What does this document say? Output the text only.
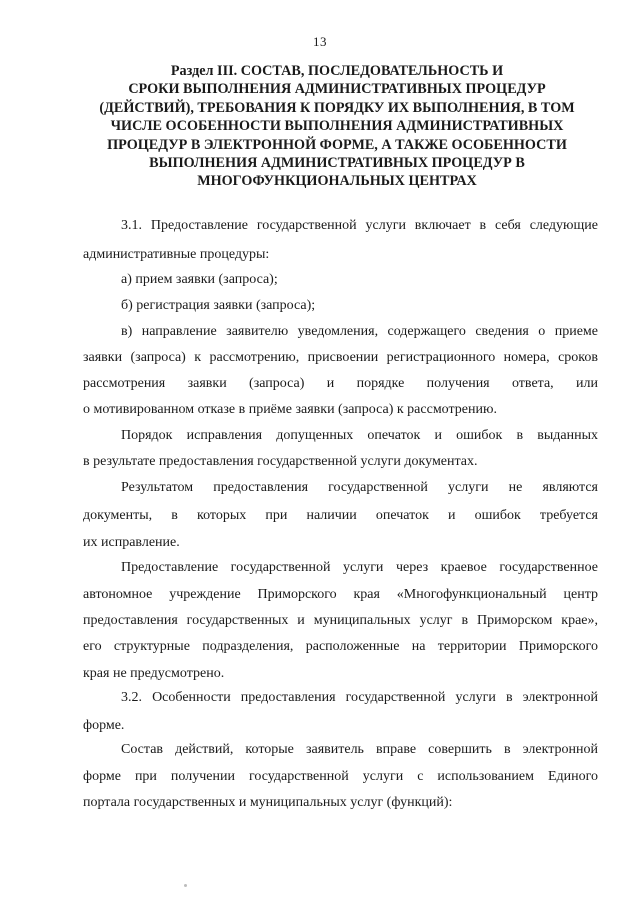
13
Раздел III. СОСТАВ, ПОСЛЕДОВАТЕЛЬНОСТЬ И
СРОКИ ВЫПОЛНЕНИЯ АДМИНИСТРАТИВНЫХ ПРОЦЕДУР
(ДЕЙСТВИЙ), ТРЕБОВАНИЯ К ПОРЯДКУ ИХ ВЫПОЛНЕНИЯ, В ТОМ
ЧИСЛЕ ОСОБЕННОСТИ ВЫПОЛНЕНИЯ АДМИНИСТРАТИВНЫХ
ПРОЦЕДУР В ЭЛЕКТРОННОЙ ФОРМЕ, А ТАКЖЕ ОСОБЕННОСТИ
ВЫПОЛНЕНИЯ АДМИНИСТРАТИВНЫХ ПРОЦЕДУР В
МНОГОФУНКЦИОНАЛЬНЫХ ЦЕНТРАХ
3.1. Предоставление государственной услуги включает в себя следующие
административные процедуры:
а) прием заявки (запроса);
б) регистрация заявки (запроса);
в) направление заявителю уведомления, содержащего сведения о приеме
заявки (запроса) к рассмотрению, присвоении регистрационного номера, сроков
рассмотрения заявки (запроса) и порядке получения ответа, или
о мотивированном отказе в приёме заявки (запроса) к рассмотрению.
Порядок исправления допущенных опечаток и ошибок в выданных
в результате предоставления государственной услуги документах.
Результатом предоставления государственной услуги не являются
документы, в которых при наличии опечаток и ошибок требуется
их исправление.
Предоставление государственной услуги через краевое государственное
автономное учреждение Приморского края «Многофункциональный центр
предоставления государственных и муниципальных услуг в Приморском крае»,
его структурные подразделения, расположенные на территории Приморского
края не предусмотрено.
3.2. Особенности предоставления государственной услуги в электронной
форме.
Состав действий, которые заявитель вправе совершить в электронной
форме при получении государственной услуги с использованием Единого
портала государственных и муниципальных услуг (функций):
